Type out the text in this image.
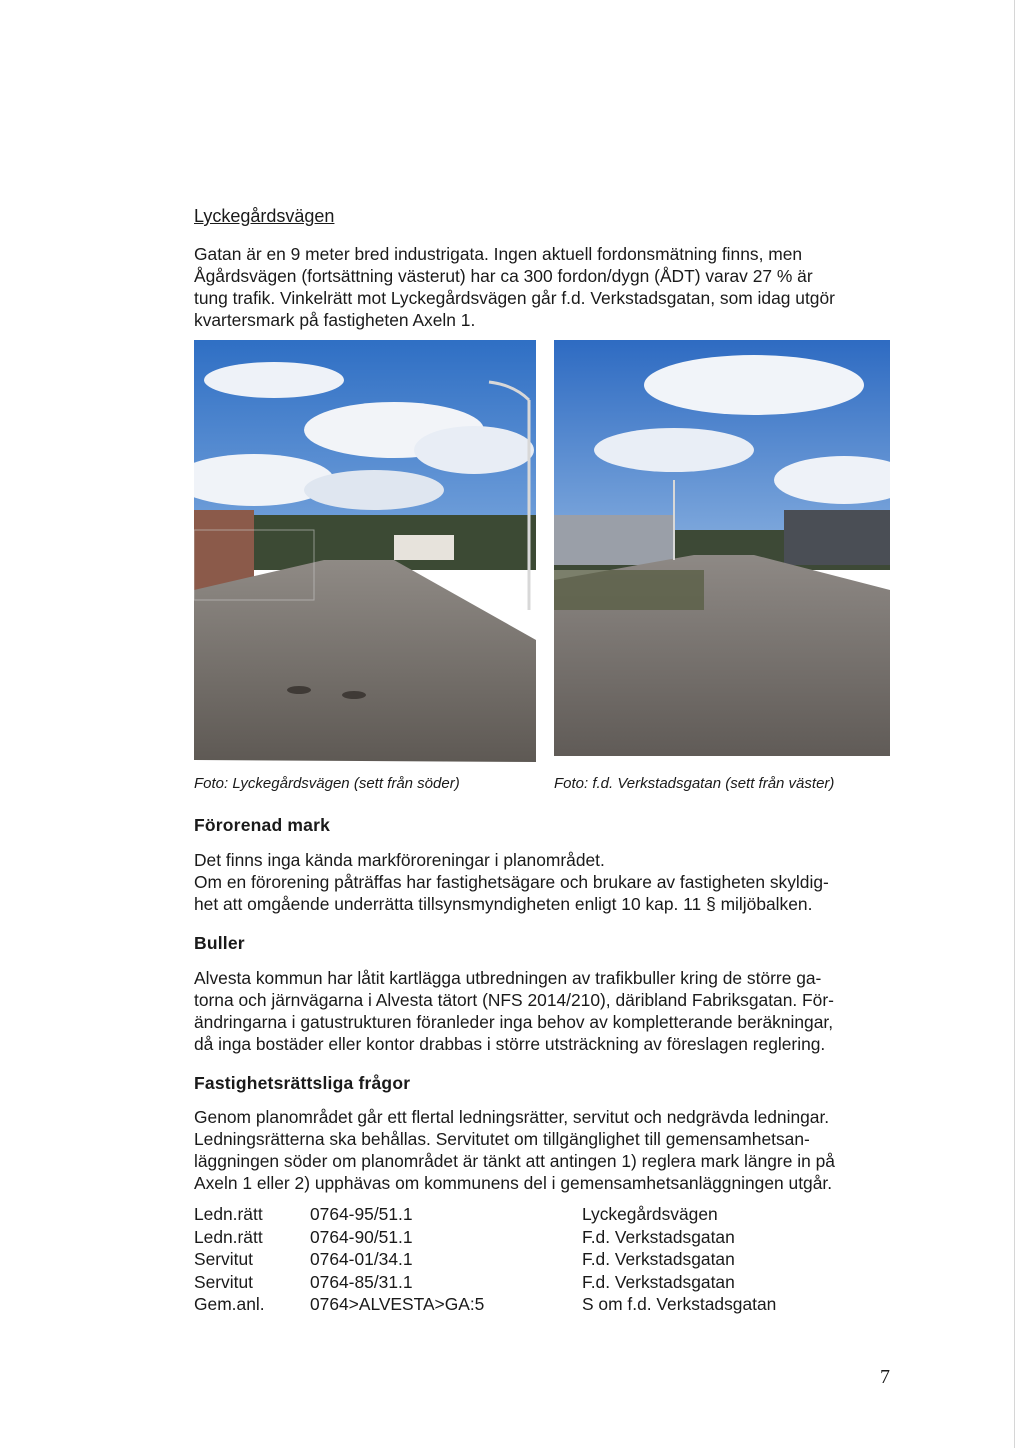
Lyckegårdsvägen

Gatan är en 9 meter bred industrigata. Ingen aktuell fordonsmätning finns, men
Ågårdsvägen (fortsättning västerut) har ca 300 fordon/dygn (ÅDT) varav 27 % är
tung trafik. Vinkelrätt mot Lyckegårdsvägen går f.d. Verkstadsgatan, som idag utgör
kvartersmark på fastigheten Axeln 1.

Foto: Lyckegårdsvägen (sett från söder)	Foto: f.d. Verkstadsgatan (sett från väster)
Förorenad mark

Det finns inga kända markföroreningar i planområdet.
Om en förorening påträffas har fastighetsägare och brukare av fastigheten skyldig-
het att omgående underrätta tillsynsmyndigheten enligt 10 kap. 11 § miljöbalken.

Buller

Alvesta kommun har låtit kartlägga utbredningen av trafikbuller kring de större ga-
torna och järnvägarna i Alvesta tätort (NFS 2014/210), däribland Fabriksgatan. För-
ändringarna i gatustrukturen föranleder inga behov av kompletterande beräkningar,
då inga bostäder eller kontor drabbas i större utsträckning av föreslagen reglering.

Fastighetsrättsliga frågor

Genom planområdet går ett flertal ledningsrätter, servitut och nedgrävda ledningar.
Ledningsrätterna ska behållas. Servitutet om tillgänglighet till gemensamhetsan-
läggningen söder om planområdet är tänkt att antingen 1) reglera mark längre in på
Axeln 1 eller 2) upphävas om kommunens del i gemensamhetsanläggningen utgår.

Ledn.rätt	0764-95/51.1	Lyckegårdsvägen
Ledn.rätt	0764-90/51.1	F.d. Verkstadsgatan
Servitut	0764-01/34.1	F.d. Verkstadsgatan
Servitut	0764-85/31.1	F.d. Verkstadsgatan
Gem.anl.	0764>ALVESTA>GA:5	S om f.d. Verkstadsgatan
7
